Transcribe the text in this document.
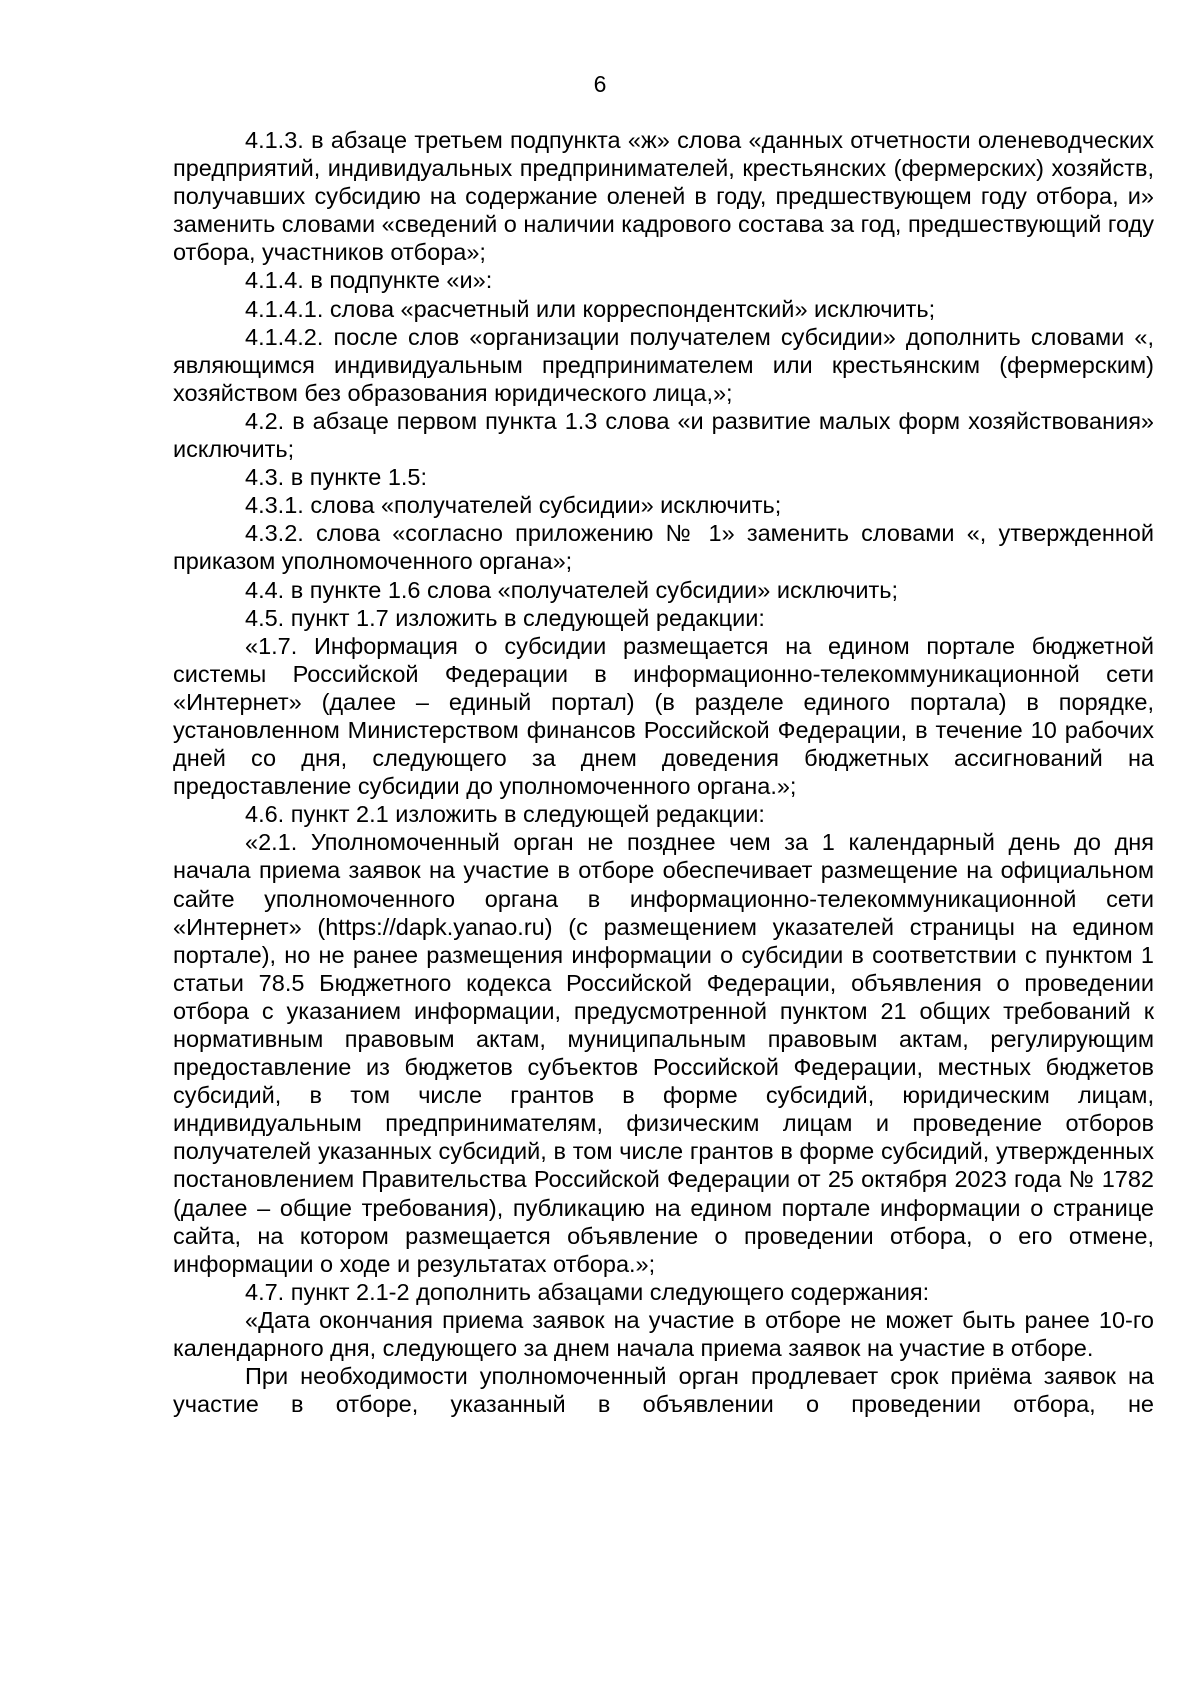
6

4.1.3. в абзаце третьем подпункта «ж» слова «данных отчетности оленеводческих предприятий, индивидуальных предпринимателей, крестьянских (фермерских) хозяйств, получавших субсидию на содержание оленей в году, предшествующем году отбора, и» заменить словами «сведений о наличии кадрового состава за год, предшествующий году отбора, участников отбора»;

4.1.4. в подпункте «и»:

4.1.4.1. слова «расчетный или корреспондентский» исключить;

4.1.4.2. после слов «организации получателем субсидии» дополнить словами «, являющимся индивидуальным предпринимателем или крестьянским (фермерским) хозяйством без образования юридического лица,»;

4.2. в абзаце первом пункта 1.3 слова «и развитие малых форм хозяйствования» исключить;

4.3. в пункте 1.5:

4.3.1. слова «получателей субсидии» исключить;

4.3.2. слова «согласно приложению № 1» заменить словами «, утвержденной приказом уполномоченного органа»;

4.4. в пункте 1.6 слова «получателей субсидии» исключить;

4.5. пункт 1.7 изложить в следующей редакции:

«1.7. Информация о субсидии размещается на едином портале бюджетной системы Российской Федерации в информационно-телекоммуникационной сети «Интернет» (далее – единый портал) (в разделе единого портала) в порядке, установленном Министерством финансов Российской Федерации, в течение 10 рабочих дней со дня, следующего за днем доведения бюджетных ассигнований на предоставление субсидии до уполномоченного органа.»;

4.6. пункт 2.1 изложить в следующей редакции:

«2.1. Уполномоченный орган не позднее чем за 1 календарный день до дня начала приема заявок на участие в отборе обеспечивает размещение на официальном сайте уполномоченного органа в информационно-телекоммуникационной сети «Интернет» (https://dapk.yanao.ru) (с размещением указателей страницы на едином портале), но не ранее размещения информации о субсидии в соответствии с пунктом 1 статьи 78.5 Бюджетного кодекса Российской Федерации, объявления о проведении отбора с указанием информации, предусмотренной пунктом 21 общих требований к нормативным правовым актам, муниципальным правовым актам, регулирующим предоставление из бюджетов субъектов Российской Федерации, местных бюджетов субсидий, в том числе грантов в форме субсидий, юридическим лицам, индивидуальным предпринимателям, физическим лицам и проведение отборов получателей указанных субсидий, в том числе грантов в форме субсидий, утвержденных постановлением Правительства Российской Федерации от 25 октября 2023 года № 1782 (далее – общие требования), публикацию на едином портале информации о странице сайта, на котором размещается объявление о проведении отбора, о его отмене, информации о ходе и результатах отбора.»;

4.7. пункт 2.1-2 дополнить абзацами следующего содержания:

«Дата окончания приема заявок на участие в отборе не может быть ранее 10-го календарного дня, следующего за днем начала приема заявок на участие в отборе.

При необходимости уполномоченный орган продлевает срок приёма заявок на участие в отборе, указанный в объявлении о проведении отбора, не
